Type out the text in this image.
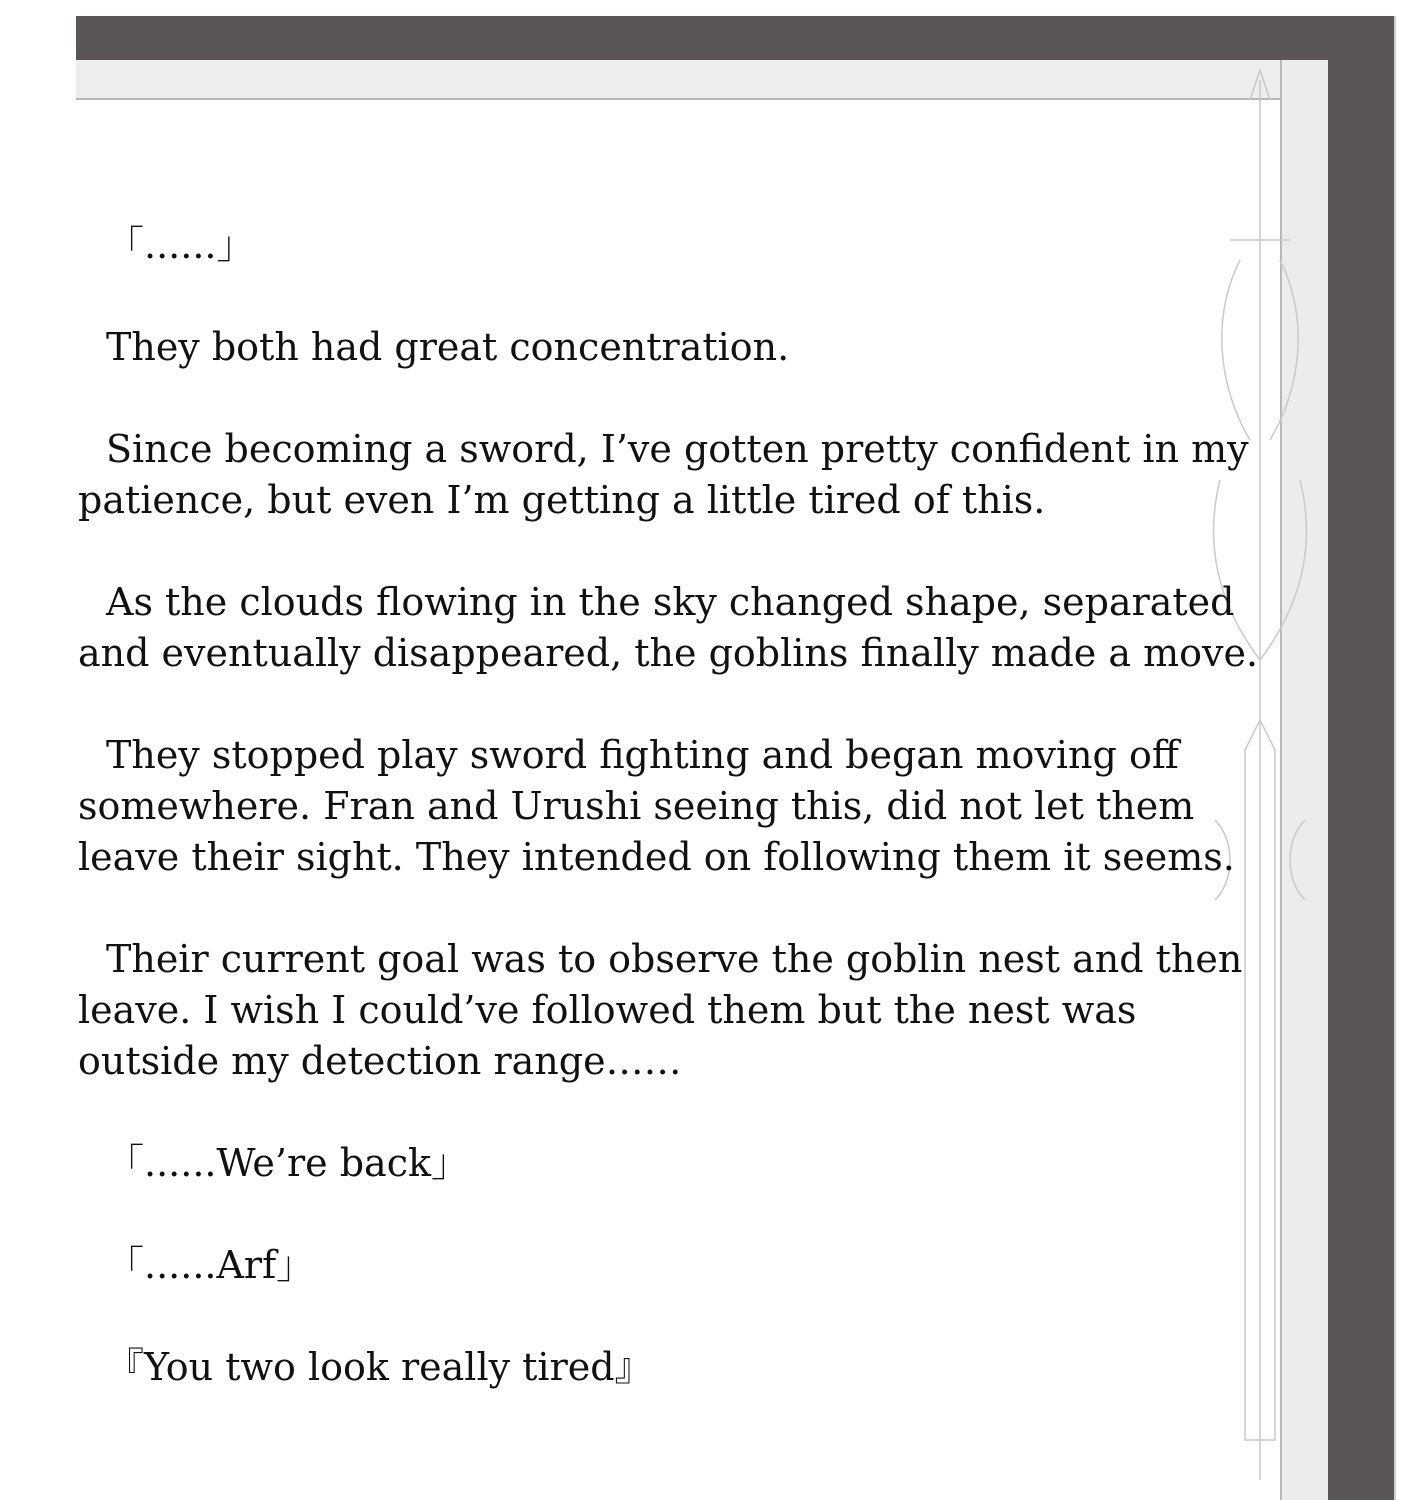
「......」

They both had great concentration.

Since becoming a sword, I’ve gotten pretty confident in my patience, but even I’m getting a little tired of this.

As the clouds flowing in the sky changed shape, separated and eventually disappeared, the goblins finally made a move.

They stopped play sword fighting and began moving off somewhere. Fran and Urushi seeing this, did not let them leave their sight. They intended on following them it seems.

Their current goal was to observe the goblin nest and then leave. I wish I could’ve followed them but the nest was outside my detection range……

「......We’re back」

「......Arf」

『You two look really tired』
